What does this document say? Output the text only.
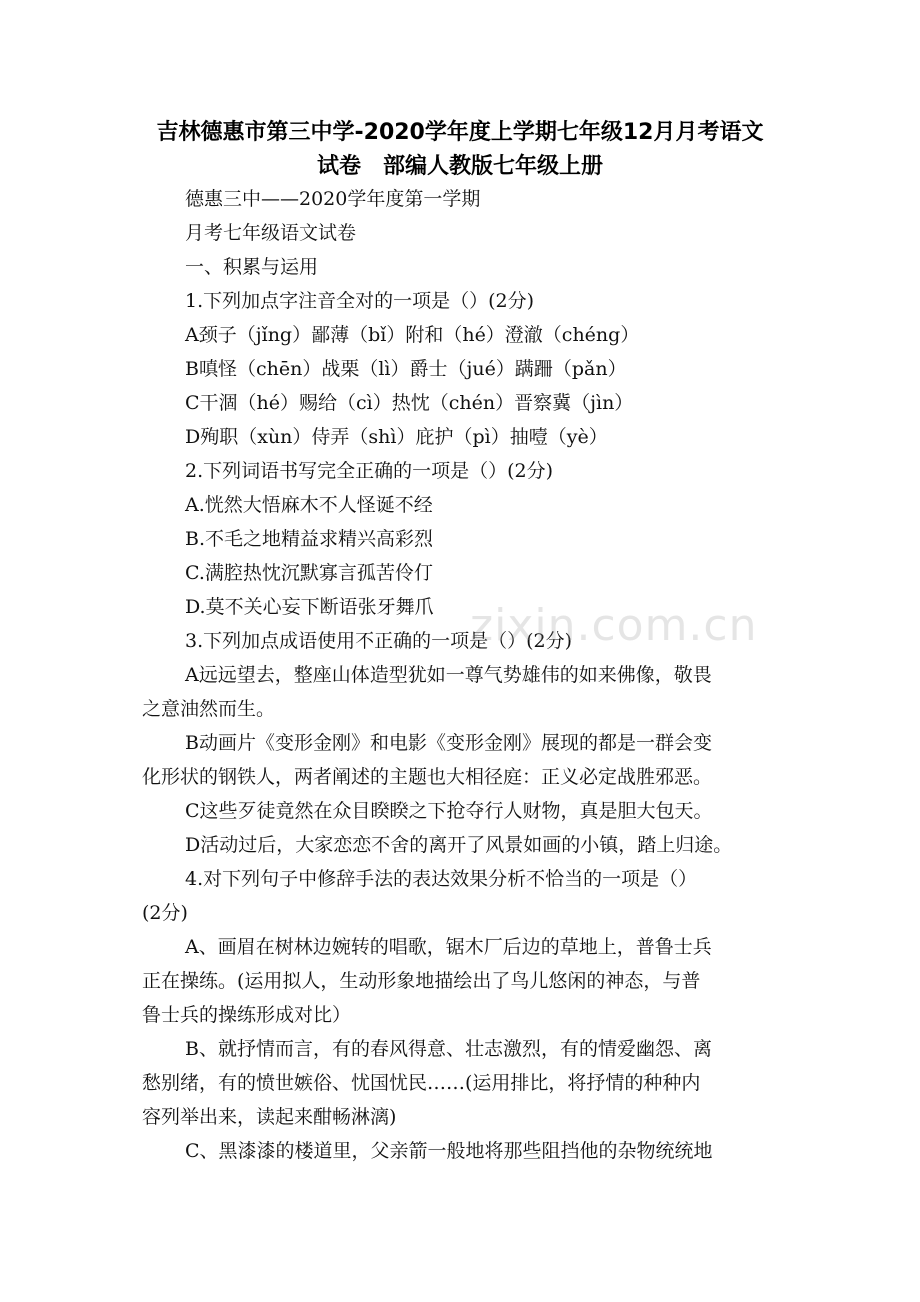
吉林德惠市第三中学-2020学年度上学期七年级12月月考语文
试卷　部编人教版七年级上册
德惠三中——2020学年度第一学期
月考七年级语文试卷
一、积累与运用
1.下列加点字注音全对的一项是（）(2分)
A颈子（jǐng）鄙薄（bǐ）附和（hé）澄澈（chéng）
B嗔怪（chēn）战栗（lì）爵士（jué）蹒跚（pǎn）
C干涸（hé）赐给（cì）热忱（chén）晋察冀（jìn）
D殉职（xùn）侍弄（shì）庇护（pì）抽噎（yè）
2.下列词语书写完全正确的一项是（）(2分)
A.恍然大悟麻木不人怪诞不经
B.不毛之地精益求精兴高彩烈
C.满腔热忱沉默寡言孤苦伶仃
D.莫不关心妄下断语张牙舞爪
3.下列加点成语使用不正确的一项是（）(2分)
A远远望去，整座山体造型犹如一尊气势雄伟的如来佛像，敬畏
之意油然而生。
B动画片《变形金刚》和电影《变形金刚》展现的都是一群会变
化形状的钢铁人，两者阐述的主题也大相径庭：正义必定战胜邪恶。
C这些歹徒竟然在众目睽睽之下抢夺行人财物，真是胆大包天。
D活动过后，大家恋恋不舍的离开了风景如画的小镇，踏上归途。
4.对下列句子中修辞手法的表达效果分析不恰当的一项是（）
(2分)
A、画眉在树林边婉转的唱歌，锯木厂后边的草地上，普鲁士兵
正在操练。(运用拟人，生动形象地描绘出了鸟儿悠闲的神态，与普
鲁士兵的操练形成对比）
B、就抒情而言，有的春风得意、壮志激烈，有的情爱幽怨、离
愁别绪，有的愤世嫉俗、忧国忧民……(运用排比，将抒情的种种内
容列举出来，读起来酣畅淋漓)
C、黑漆漆的楼道里，父亲箭一般地将那些阻挡他的杂物统统地
zixin.com.cn
